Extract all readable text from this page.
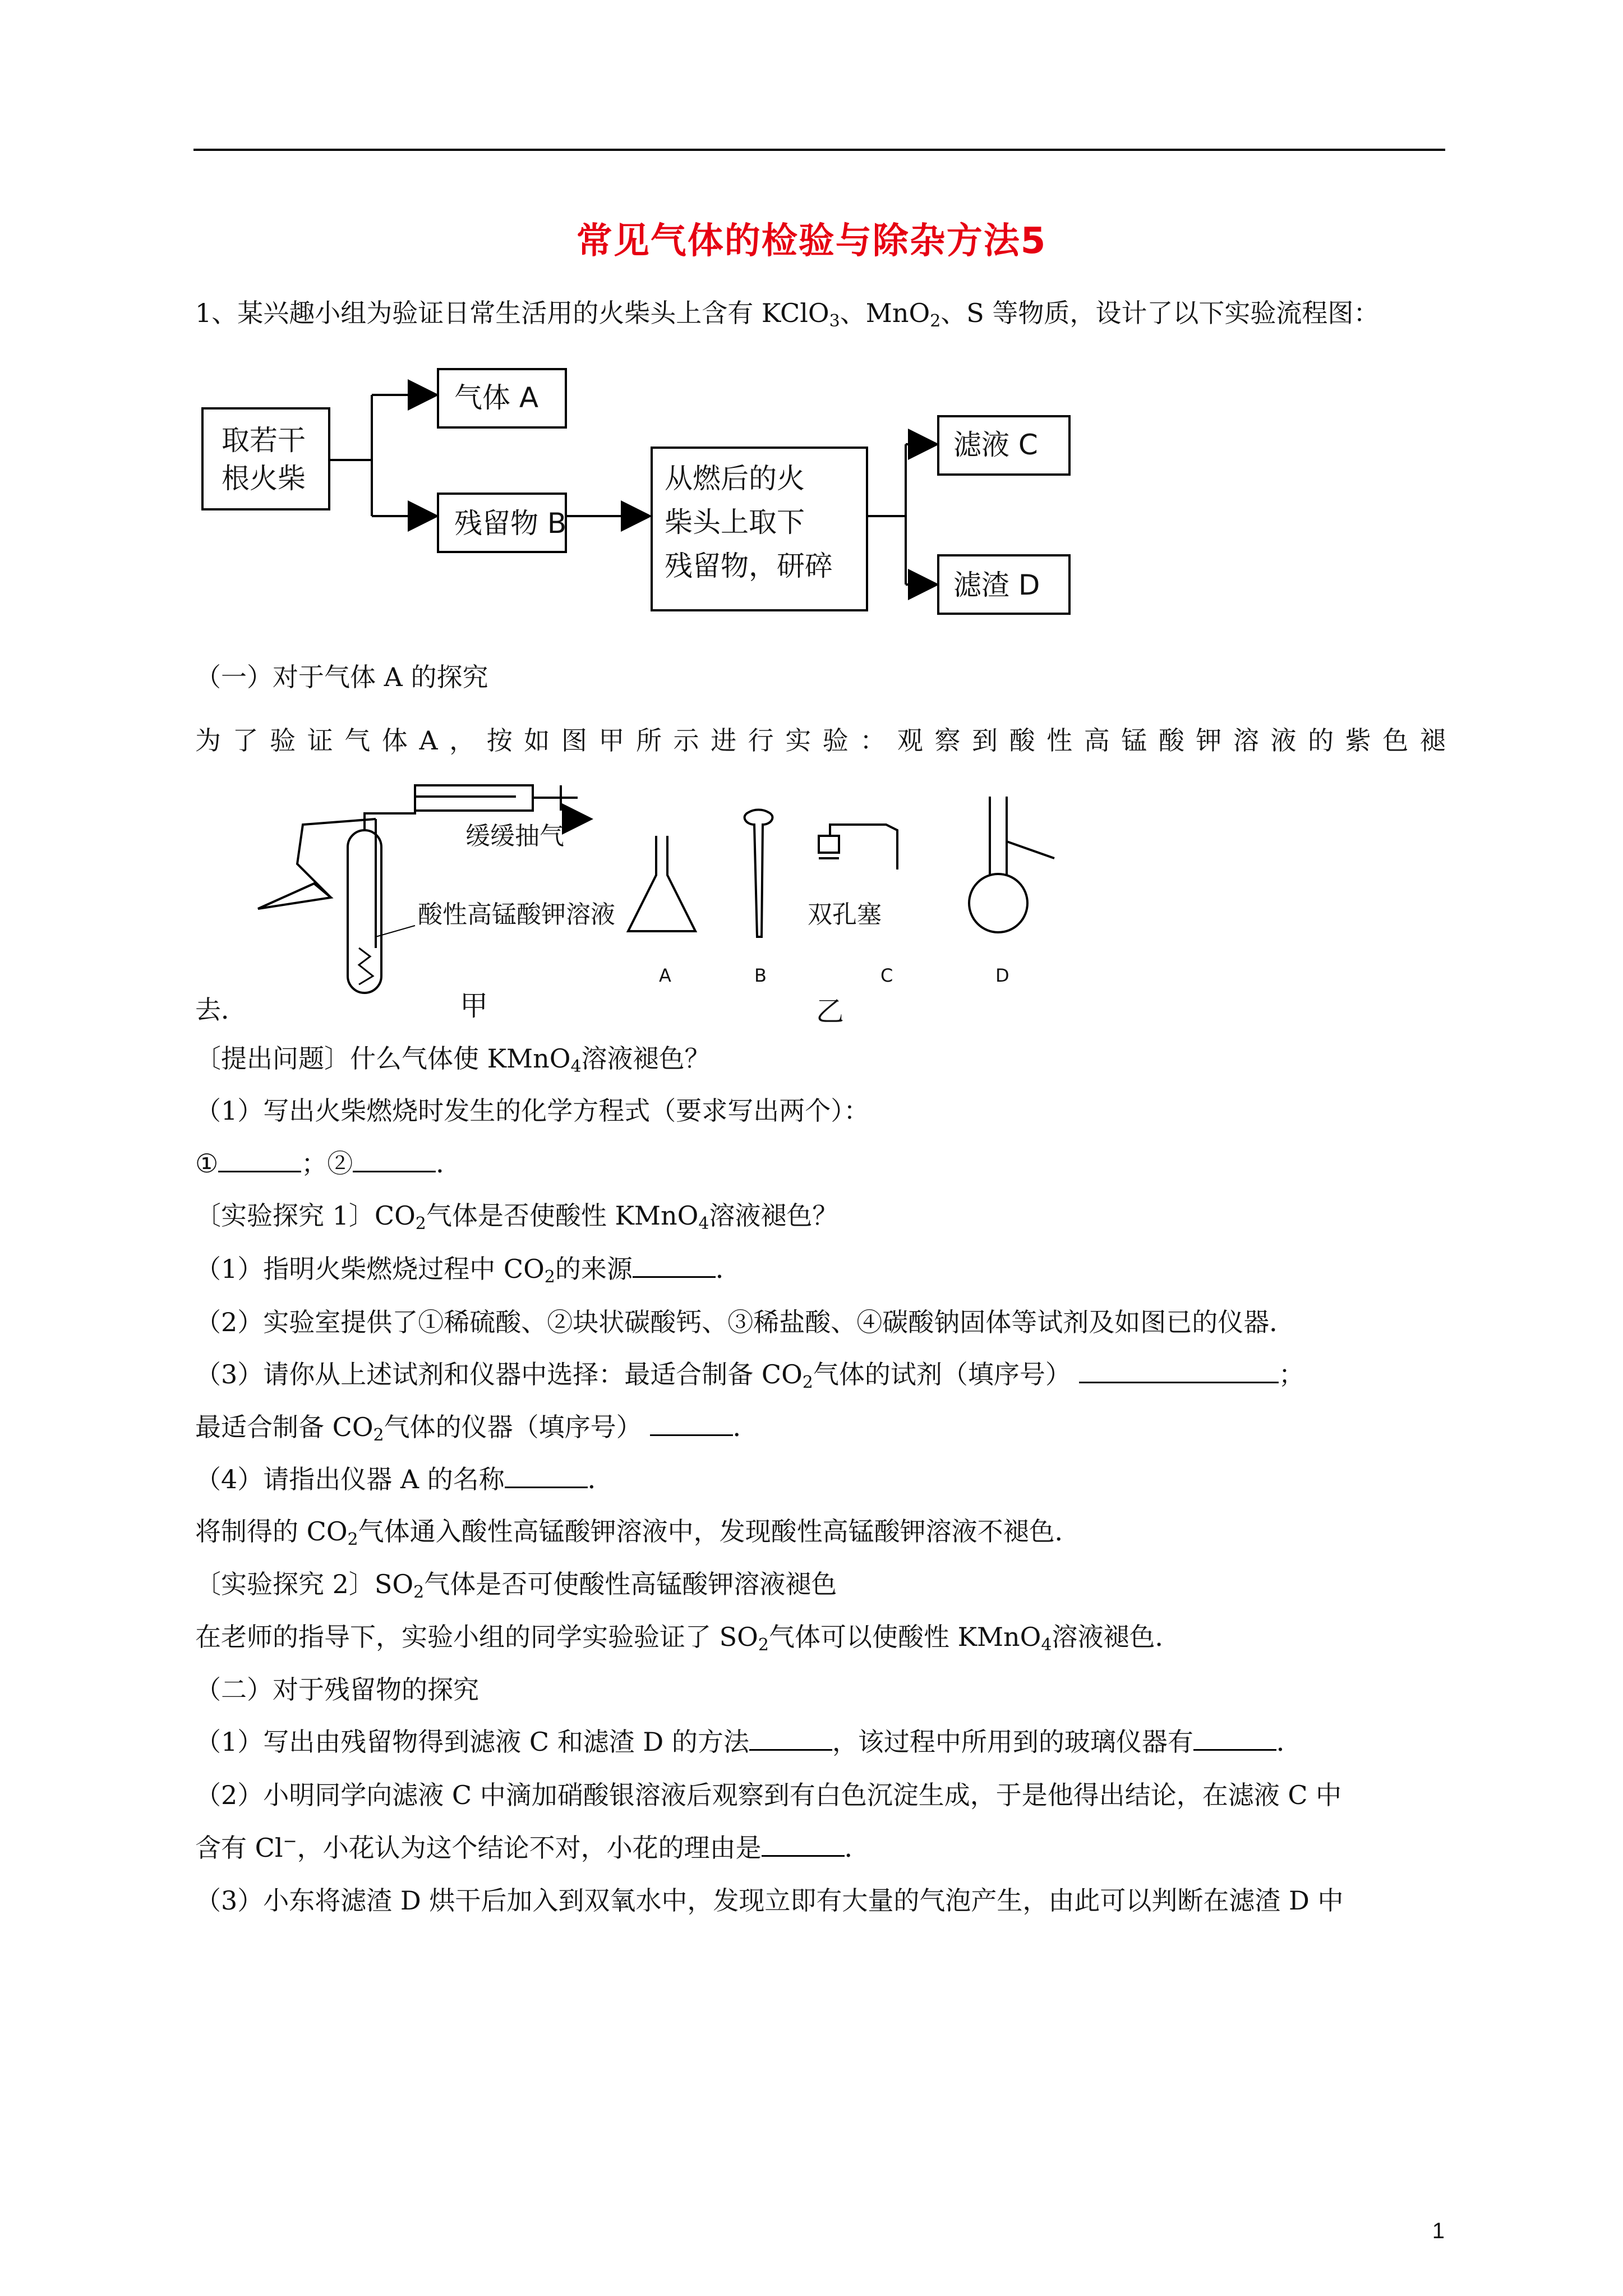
常见气体的检验与除杂方法5
1、某兴趣小组为验证日常生活用的火柴头上含有 KClO$_3$、MnO$_2$、S 等物质，设计了以下实验流程图：
取若干
根火柴
气体 A
残留物 B
从燃后的火
柴头上取下
残留物，研碎
滤液 C
滤渣 D
（一）对于气体 A 的探究
为 了 验 证 气 体 A ， 按 如 图 甲 所 示 进 行 实 验 ： 观 察 到 酸 性 高 锰 酸 钾 溶 液 的 紫 色 褪
缓缓抽气
酸性高锰酸钾溶液	双孔塞
A	B	C	D
甲	乙
去．
〔提出问题〕什么气体使 KMnO$_4$溶液褪色？
（1）写出火柴燃烧时发生的化学方程式（要求写出两个）：
①	；②	．
〔实验探究 1〕$CO_2$气体是否使酸性 KMnO$_4$溶液褪色？
（1）指明火柴燃烧过程中 $CO_2$的来源	．
（2）实验室提供了①稀硫酸、②块状碳酸钙、③稀盐酸、④碳酸钠固体等试剂及如图已的仪器．
（3）请你从上述试剂和仪器中选择：最适合制备 $CO_2$气体的试剂（填序号）	；
最适合制备 $CO_2$气体的仪器（填序号）	．
（4）请指出仪器 A 的名称	．
将制得的 $CO_2$气体通入酸性高锰酸钾溶液中，发现酸性高锰酸钾溶液不褪色．
〔实验探究 2〕$SO_2$气体是否可使酸性高锰酸钾溶液褪色
在老师的指导下，实验小组的同学实验验证了 $SO_2$气体可以使酸性 KMnO$_4$溶液褪色．
（二）对于残留物的探究
（1）写出由残留物得到滤液 C 和滤渣 D 的方法	，该过程中所用到的玻璃仪器有	．
（2）小明同学向滤液 C 中滴加硝酸银溶液后观察到有白色沉淀生成，于是他得出结论，在滤液 C 中
含有 Cl−，小花认为这个结论不对，小花的理由是	．
（3）小东将滤渣 D 烘干后加入到双氧水中，发现立即有大量的气泡产生，由此可以判断在滤渣 D 中
1
